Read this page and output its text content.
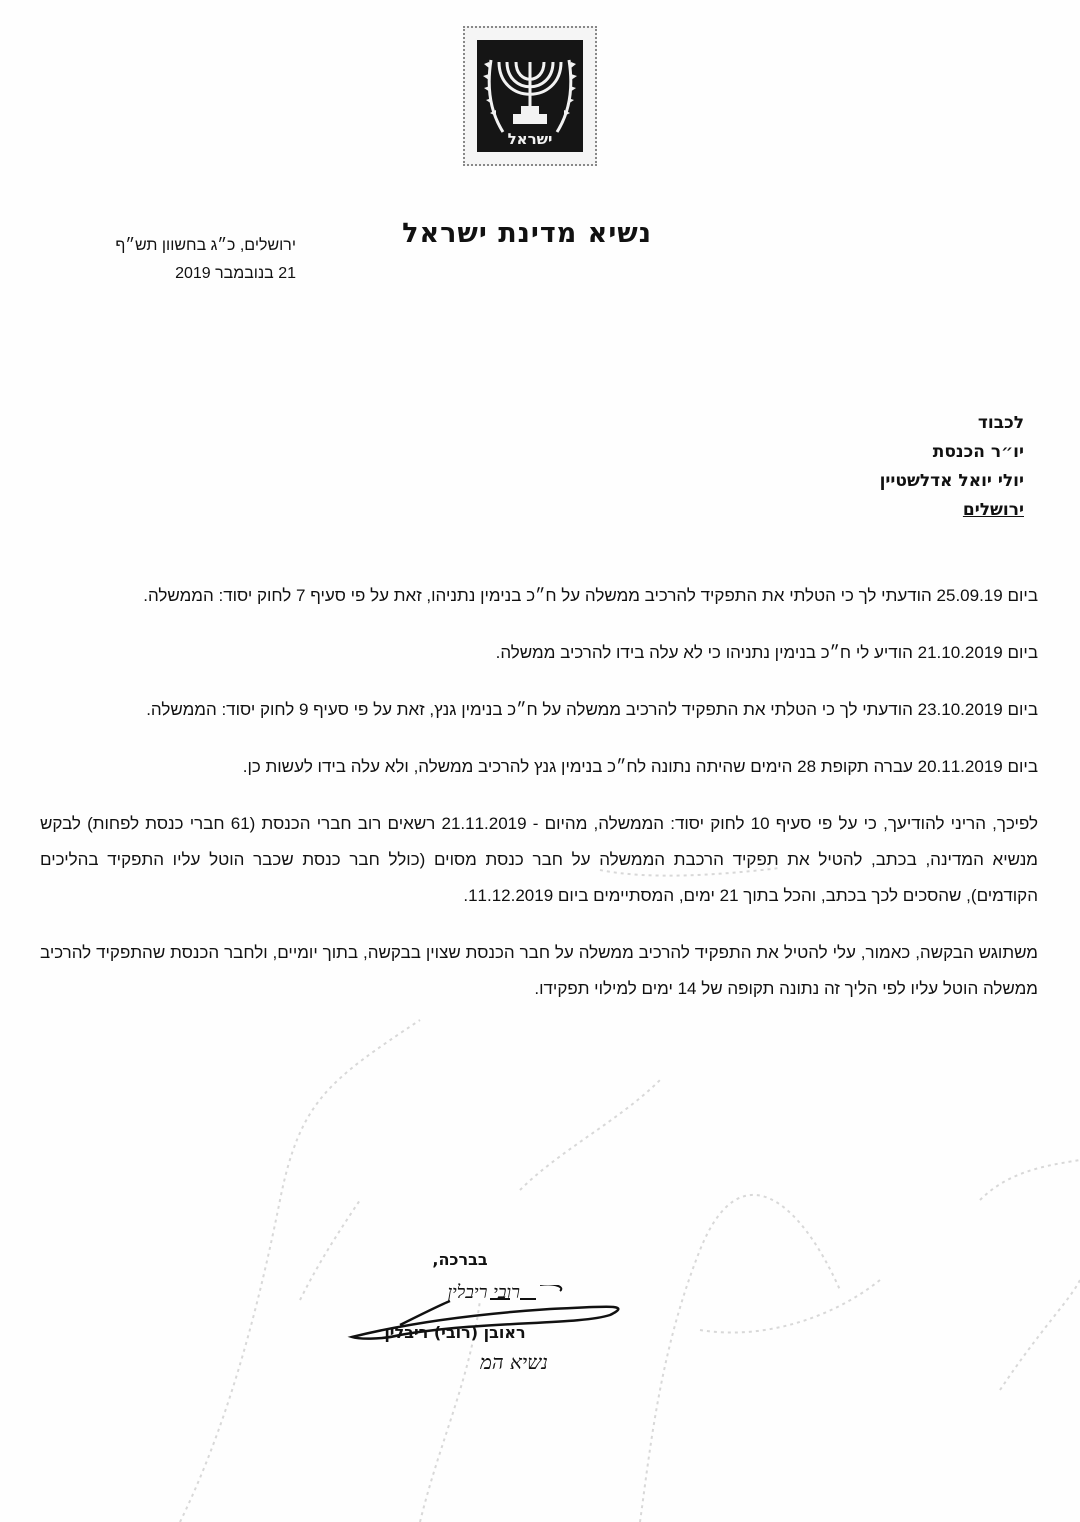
ישראל
נשיא מדינת ישראל
ירושלים, כ״ג בחשוון תש״ף
21 בנובמבר 2019
לכבוד
יו״ר הכנסת
יולי יואל אדלשטיין
ירושלים

ביום 25.09.19 הודעתי לך כי הטלתי את התפקיד להרכיב ממשלה על ח״כ בנימין נתניהו, זאת על פי סעיף 7 לחוק יסוד: הממשלה.

ביום 21.10.2019 הודיע לי ח״כ בנימין נתניהו כי לא עלה בידו להרכיב ממשלה.

ביום 23.10.2019 הודעתי לך כי הטלתי את התפקיד להרכיב ממשלה על ח״כ בנימין גנץ, זאת על פי סעיף 9 לחוק יסוד: הממשלה.

ביום 20.11.2019 עברה תקופת 28 הימים שהיתה נתונה לח״כ בנימין גנץ להרכיב ממשלה, ולא עלה בידו לעשות כן.

לפיכך, הריני להודיעך, כי על פי סעיף 10 לחוק יסוד: הממשלה, מהיום - 21.11.2019 רשאים רוב חברי הכנסת (61 חברי כנסת לפחות) לבקש מנשיא המדינה, בכתב, להטיל את תפקיד הרכבת הממשלה על חבר כנסת מסוים (כולל חבר כנסת שכבר הוטל עליו התפקיד בהליכים הקודמים), שהסכים לכך בכתב, והכל בתוך 21 ימים, המסתיימים ביום 11.12.2019.

משתוגש הבקשה, כאמור, עלי להטיל את התפקיד להרכיב ממשלה על חבר הכנסת שצוין בבקשה, בתוך יומיים, ולחבר הכנסת שהתפקיד להרכיב ממשלה הוטל עליו לפי הליך זה נתונה תקופה של 14 ימים למילוי תפקידו.

בברכה,
רובי ריבלין
ראובן (רובי) ריבלין
נשיא המ
